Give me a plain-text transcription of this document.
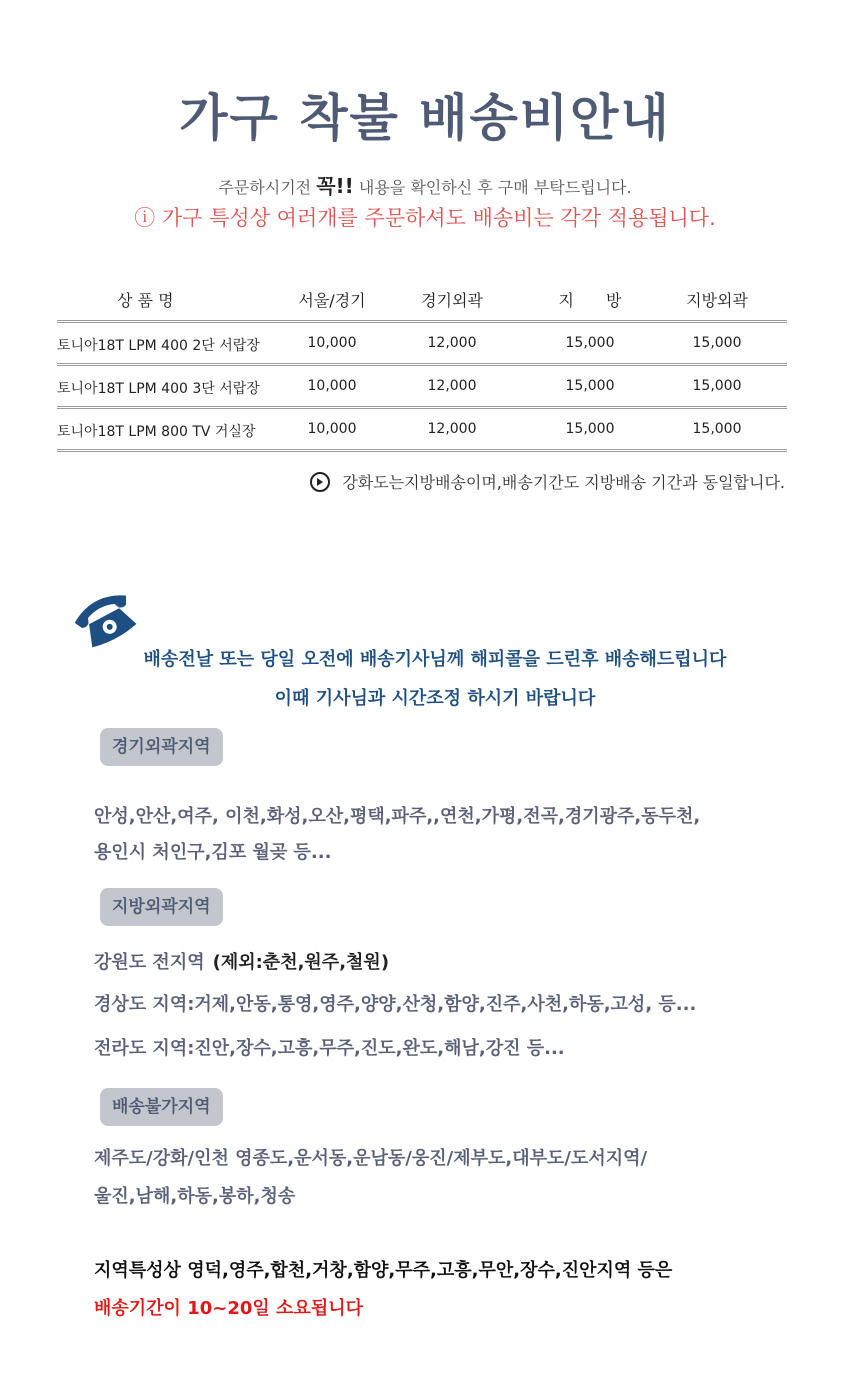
가구 착불 배송비안내
주문하시기전 꼭!! 내용을 확인하신 후 구매 부탁드립니다.
ⓘ 가구 특성상 여러개를 주문하셔도 배송비는 각각 적용됩니다.
상 품 명	서울/경기	경기외곽	지　　방	지방외곽
토니아18T LPM 400 2단 서랍장	10,000	12,000	15,000	15,000
토니아18T LPM 400 3단 서랍장	10,000	12,000	15,000	15,000
토니아18T LPM 800 TV 거실장	10,000	12,000	15,000	15,000
강화도는지방배송이며,배송기간도 지방배송 기간과 동일합니다.
배송전날 또는 당일 오전에 배송기사님께 해피콜을 드린후 배송해드립니다
이때 기사님과 시간조정 하시기 바랍니다
경기외곽지역
안성,안산,여주, 이천,화성,오산,평택,파주,,연천,가평,전곡,경기광주,동두천,
용인시 처인구,김포 월곶 등...
지방외곽지역
강원도 전지역 (제외:춘천,원주,철원)
경상도 지역:거제,안동,통영,영주,양양,산청,함양,진주,사천,하동,고성, 등...
전라도 지역:진안,장수,고흥,무주,진도,완도,해남,강진 등...
배송불가지역
제주도/강화/인천 영종도,운서동,운남동/웅진/제부도,대부도/도서지역/
울진,남해,하동,봉하,청송
지역특성상 영덕,영주,합천,거창,함양,무주,고흥,무안,장수,진안지역 등은
배송기간이 10~20일 소요됩니다
